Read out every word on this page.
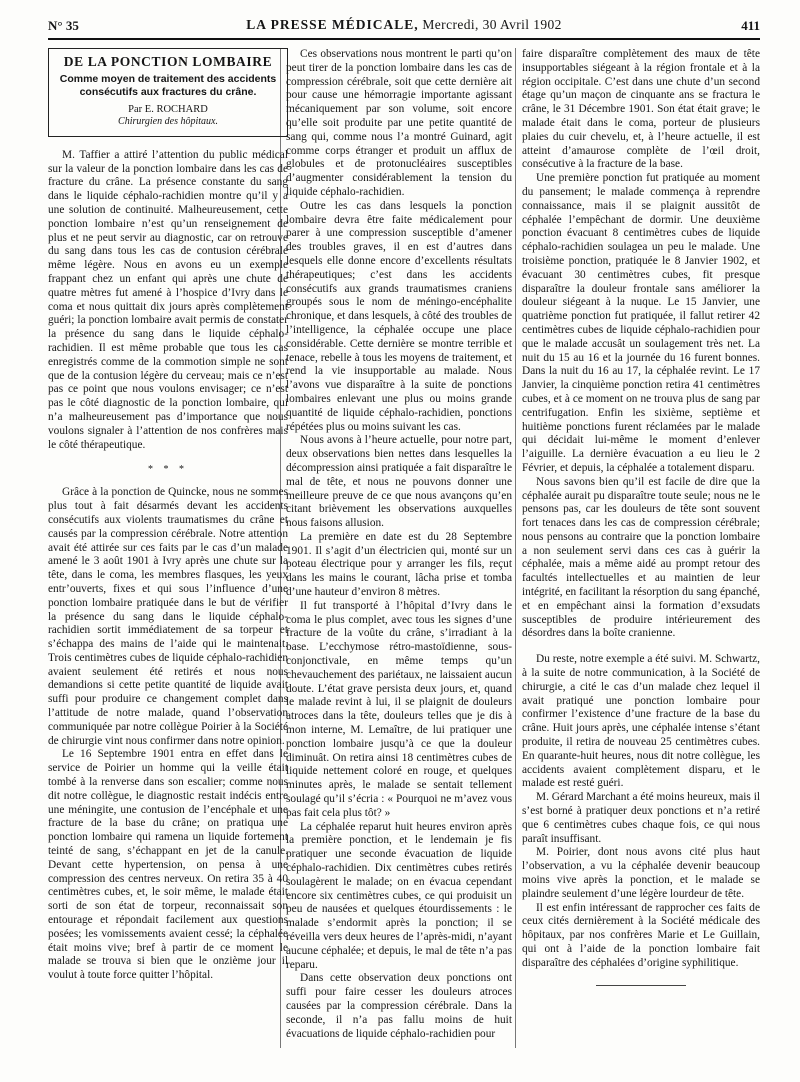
N° 35	LA PRESSE MÉDICALE, Mercredi, 30 Avril 1902	411
DE LA PONCTION LOMBAIRE
Comme moyen de traitement des accidents consécutifs aux fractures du crâne.
Par E. ROCHARD
Chirurgien des hôpitaux.

M. Taffier a attiré l’attention du public médical sur la valeur de la ponction lombaire dans les cas de fracture du crâne. La présence constante du sang dans le liquide céphalo-rachidien montre qu’il y a une solution de continuité. Malheureusement, cette ponction lombaire n’est qu’un renseignement de plus et ne peut servir au diagnostic, car on retrouve du sang dans tous les cas de contusion cérébrale même légère. Nous en avons eu un exemple frappant chez un enfant qui après une chute de quatre mètres fut amené à l’hospice d’Ivry dans le coma et nous quittait dix jours après complètement guéri; la ponction lombaire avait permis de constater la présence du sang dans le liquide céphalo-rachidien. Il est même probable que tous les cas enregistrés comme de la commotion simple ne sont que de la contusion légère du cerveau; mais ce n’est pas ce point que nous voulons envisager; ce n’est pas le côté diagnostic de la ponction lombaire, qui n’a malheureusement pas d’importance que nous voulons signaler à l’attention de nos confrères mais le côté thérapeutique.

* * *

Grâce à la ponction de Quincke, nous ne sommes plus tout à fait désarmés devant les accidents consécutifs aux violents traumatismes du crâne et causés par la compression cérébrale. Notre attention avait été attirée sur ces faits par le cas d’un malade amené le 3 août 1901 à Ivry après une chute sur la tête, dans le coma, les membres flasques, les yeux entr’ouverts, fixes et qui sous l’influence d’une ponction lombaire pratiquée dans le but de vérifier la présence du sang dans le liquide céphalo-rachidien sortit immédiatement de sa torpeur et s’échappa des mains de l’aide qui le maintenait. Trois centimètres cubes de liquide céphalo-rachidien avaient seulement été retirés et nous nous demandions si cette petite quantité de liquide avait suffi pour produire ce changement complet dans l’attitude de notre malade, quand l’observation communiquée par notre collègue Poirier à la Société de chirurgie vint nous confirmer dans notre opinion.

Le 16 Septembre 1901 entra en effet dans le service de Poirier un homme qui la veille était tombé à la renverse dans son escalier; comme nous dit notre collègue, le diagnostic restait indécis entre une méningite, une contusion de l’encéphale et une fracture de la base du crâne; on pratiqua une ponction lombaire qui ramena un liquide fortement teinté de sang, s’échappant en jet de la canule. Devant cette hypertension, on pensa à une compression des centres nerveux. On retira 35 à 40 centimètres cubes, et, le soir même, le malade était sorti de son état de torpeur, reconnaissait son entourage et répondait facilement aux questions posées; les vomissements avaient cessé; la céphalée était moins vive; bref à partir de ce moment le malade se trouva si bien que le onzième jour il voulut à toute force quitter l’hôpital.

Ces observations nous montrent le parti qu’on peut tirer de la ponction lombaire dans les cas de compression cérébrale, soit que cette dernière ait pour cause une hémorragie importante agissant mécaniquement par son volume, soit encore qu’elle soit produite par une petite quantité de sang qui, comme nous l’a montré Guinard, agit comme corps étranger et produit un afflux de globules et de protonucléaires susceptibles d’augmenter considérablement la tension du liquide céphalo-rachidien.

Outre les cas dans lesquels la ponction lombaire devra être faite médicalement pour parer à une compression susceptible d’amener des troubles graves, il en est d’autres dans lesquels elle donne encore d’excellents résultats thérapeutiques; c’est dans les accidents consécutifs aux grands traumatismes craniens groupés sous le nom de méningo-encéphalite chronique, et dans lesquels, à côté des troubles de l’intelligence, la céphalée occupe une place considérable. Cette dernière se montre terrible et tenace, rebelle à tous les moyens de traitement, et rend la vie insupportable au malade. Nous l’avons vue disparaître à la suite de ponctions lombaires enlevant une plus ou moins grande quantité de liquide céphalo-rachidien, ponctions répétées plus ou moins suivant les cas.

Nous avons à l’heure actuelle, pour notre part, deux observations bien nettes dans lesquelles la décompression ainsi pratiquée a fait disparaître le mal de tête, et nous ne pouvons donner une meilleure preuve de ce que nous avançons qu’en citant brièvement les observations auxquelles nous faisons allusion.

La première en date est du 28 Septembre 1901. Il s’agit d’un électricien qui, monté sur un poteau électrique pour y arranger les fils, reçut dans les mains le courant, lâcha prise et tomba d’une hauteur d’environ 8 mètres.

Il fut transporté à l’hôpital d’Ivry dans le coma le plus complet, avec tous les signes d’une fracture de la voûte du crâne, s’irradiant à la base. L’ecchymose rétro-mastoïdienne, sous-conjonctivale, en même temps qu’un chevauchement des pariétaux, ne laissaient aucun doute. L’état grave persista deux jours, et, quand le malade revint à lui, il se plaignit de douleurs atroces dans la tête, douleurs telles que je dis à mon interne, M. Lemaître, de lui pratiquer une ponction lombaire jusqu’à ce que la douleur diminuât. On retira ainsi 18 centimètres cubes de liquide nettement coloré en rouge, et quelques minutes après, le malade se sentait tellement soulagé qu’il s’écria : « Pourquoi ne m’avez vous pas fait cela plus tôt? »

La céphalée reparut huit heures environ après la première ponction, et le lendemain je fis pratiquer une seconde évacuation de liquide céphalo-rachidien. Dix centimètres cubes retirés soulagèrent le malade; on en évacua cependant encore six centimètres cubes, ce qui produisit un peu de nausées et quelques étourdissements : le malade s’endormit après la ponction; il se réveilla vers deux heures de l’après-midi, n’ayant aucune céphalée; et depuis, le mal de tête n’a pas reparu.

Dans cette observation deux ponctions ont suffi pour faire cesser les douleurs atroces causées par la compression cérébrale. Dans la seconde, il n’a pas fallu moins de huit évacuations de liquide céphalo-rachidien pour

faire disparaître complètement des maux de tête insupportables siégeant à la région frontale et à la région occipitale. C’est dans une chute d’un second étage qu’un maçon de cinquante ans se fractura le crâne, le 31 Décembre 1901. Son état était grave; le malade était dans le coma, porteur de plusieurs plaies du cuir chevelu, et, à l’heure actuelle, il est atteint d’amaurose complète de l’œil droit, consécutive à la fracture de la base.

Une première ponction fut pratiquée au moment du pansement; le malade commença à reprendre connaissance, mais il se plaignit aussitôt de céphalée l’empêchant de dormir. Une deuxième ponction évacuant 8 centimètres cubes de liquide céphalo-rachidien soulagea un peu le malade. Une troisième ponction, pratiquée le 8 Janvier 1902, et évacuant 30 centimètres cubes, fit presque disparaître la douleur frontale sans améliorer la douleur siégeant à la nuque. Le 15 Janvier, une quatrième ponction fut pratiquée, il fallut retirer 42 centimètres cubes de liquide céphalo-rachidien pour que le malade accusât un soulagement très net. La nuit du 15 au 16 et la journée du 16 furent bonnes. Dans la nuit du 16 au 17, la céphalée revint. Le 17 Janvier, la cinquième ponction retira 41 centimètres cubes, et à ce moment on ne trouva plus de sang par centrifugation. Enfin les sixième, septième et huitième ponctions furent réclamées par le malade qui décidait lui-même le moment d’enlever l’aiguille. La dernière évacuation a eu lieu le 2 Février, et depuis, la céphalée a totalement disparu.

Nous savons bien qu’il est facile de dire que la céphalée aurait pu disparaître toute seule; nous ne le pensons pas, car les douleurs de tête sont souvent fort tenaces dans les cas de compression cérébrale; nous pensons au contraire que la ponction lombaire a non seulement servi dans ces cas à guérir la céphalée, mais a même aidé au prompt retour des facultés intellectuelles et au maintien de leur intégrité, en facilitant la résorption du sang épanché, et en empêchant ainsi la formation d’exsudats susceptibles de produire intérieurement des désordres dans la boîte cranienne.

Du reste, notre exemple a été suivi. M. Schwartz, à la suite de notre communication, à la Société de chirurgie, a cité le cas d’un malade chez lequel il avait pratiqué une ponction lombaire pour confirmer l’existence d’une fracture de la base du crâne. Huit jours après, une céphalée intense s’étant produite, il retira de nouveau 25 centimètres cubes. En quarante-huit heures, nous dit notre collègue, les accidents avaient complètement disparu, et le malade est resté guéri.

M. Gérard Marchant a été moins heureux, mais il s’est borné à pratiquer deux ponctions et n’a retiré que 6 centimètres cubes chaque fois, ce qui nous paraît insuffisant.

M. Poirier, dont nous avons cité plus haut l’observation, a vu la céphalée devenir beaucoup moins vive après la ponction, et le malade se plaindre seulement d’une légère lourdeur de tête.

Il est enfin intéressant de rapprocher ces faits de ceux cités dernièrement à la Société médicale des hôpitaux, par nos confrères Marie et Le Guillain, qui ont à l’aide de la ponction lombaire fait disparaître des céphalées d’origine syphilitique.
